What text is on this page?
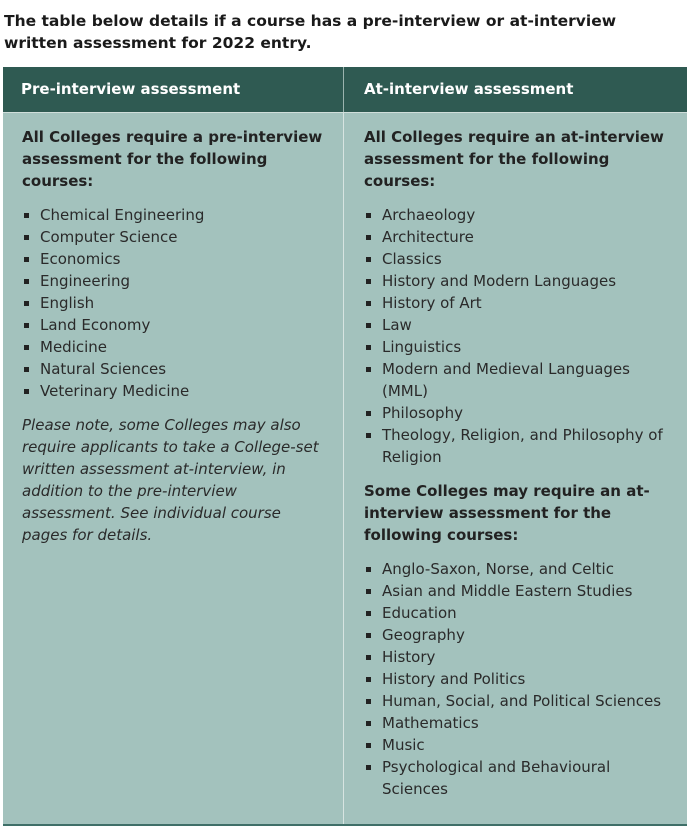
The table below details if a course has a pre-interview or at-interview written assessment for 2022 entry.

Pre-interview assessment	At-interview assessment

All Colleges require a pre-interview assessment for the following courses:

Chemical Engineering
Computer Science
Economics
Engineering
English
Land Economy
Medicine
Natural Sciences
Veterinary Medicine

Please note, some Colleges may also require applicants to take a College-set written assessment at-interview, in addition to the pre-interview assessment. See individual course pages for details.

All Colleges require an at-interview assessment for the following courses:

Archaeology
Architecture
Classics
History and Modern Languages
History of Art
Law
Linguistics
Modern and Medieval Languages (MML)
Philosophy
Theology, Religion, and Philosophy of Religion

Some Colleges may require an at-interview assessment for the following courses:

Anglo-Saxon, Norse, and Celtic
Asian and Middle Eastern Studies
Education
Geography
History
History and Politics
Human, Social, and Political Sciences
Mathematics
Music
Psychological and Behavioural Sciences
